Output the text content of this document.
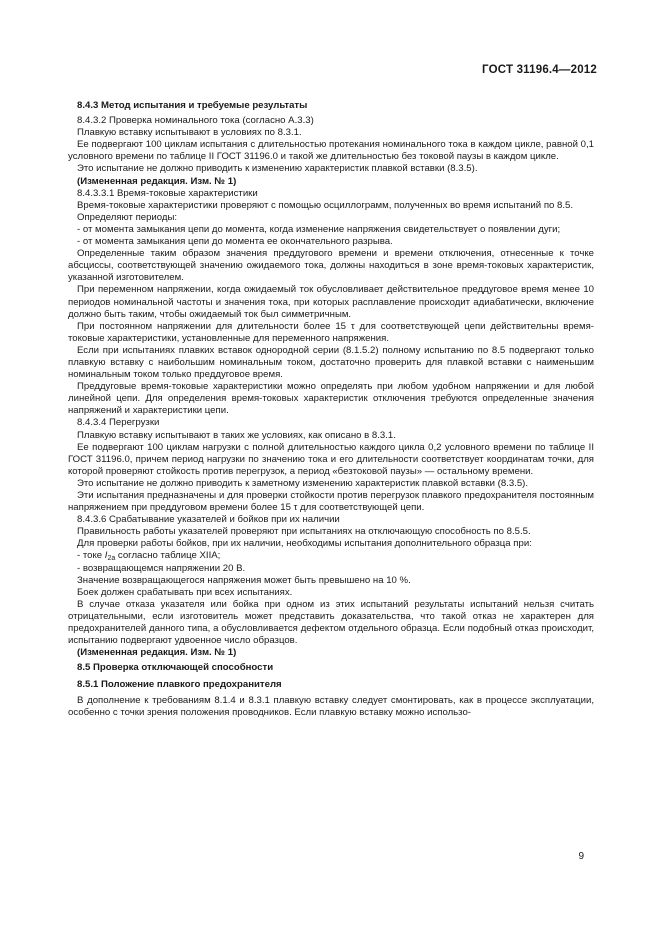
ГОСТ 31196.4—2012

8.4.3 Метод испытания и требуемые результаты

8.4.3.2 Проверка номинального тока (согласно А.3.3)

Плавкую вставку испытывают в условиях по 8.3.1.

Ее подвергают 100 циклам испытания с длительностью протекания номинального тока в каждом цикле, равной 0,1 условного времени по таблице II ГОСТ 31196.0 и такой же длительностью без токовой паузы в каждом цикле.

Это испытание не должно приводить к изменению характеристик плавкой вставки (8.3.5).

(Измененная редакция. Изм. № 1)

8.4.3.3.1 Время-токовые характеристики

Время-токовые характеристики проверяют с помощью осциллограмм, полученных во время испытаний по 8.5.

Определяют периоды:

- от момента замыкания цепи до момента, когда изменение напряжения свидетельствует о появлении дуги;

- от момента замыкания цепи до момента ее окончательного разрыва.

Определенные таким образом значения преддугового времени и времени отключения, отнесенные к точке абсциссы, соответствующей значению ожидаемого тока, должны находиться в зоне время-токовых характеристик, указанной изготовителем.

При переменном напряжении, когда ожидаемый ток обусловливает действительное преддуговое время менее 10 периодов номинальной частоты и значения тока, при которых расплавление происходит адиабатически, включение должно быть таким, чтобы ожидаемый ток был симметричным.

При постоянном напряжении для длительности более 15 τ для соответствующей цепи действительны время-токовые характеристики, установленные для переменного напряжения.

Если при испытаниях плавких вставок однородной серии (8.1.5.2) полному испытанию по 8.5 подвергают только плавкую вставку с наибольшим номинальным током, достаточно проверить для плавкой вставки с наименьшим номинальным током только преддуговое время.

Преддуговые время-токовые характеристики можно определять при любом удобном напряжении и для любой линейной цепи. Для определения время-токовых характеристик отключения требуются определенные значения напряжений и характеристики цепи.

8.4.3.4 Перегрузки

Плавкую вставку испытывают в таких же условиях, как описано в 8.3.1.

Ее подвергают 100 циклам нагрузки с полной длительностью каждого цикла 0,2 условного времени по таблице II ГОСТ 31196.0, причем период нагрузки по значению тока и его длительности соответствует координатам точки, для которой проверяют стойкость против перегрузок, а период «безтоковой паузы» — остальному времени.

Это испытание не должно приводить к заметному изменению характеристик плавкой вставки (8.3.5).

Эти испытания предназначены и для проверки стойкости против перегрузок плавкого предохранителя постоянным напряжением при преддуговом времени более 15 τ для соответствующей цепи.

8.4.3.6 Срабатывание указателей и бойков при их наличии

Правильность работы указателей проверяют при испытаниях на отключающую способность по 8.5.5.

Для проверки работы бойков, при их наличии, необходимы испытания дополнительного образца при:

- токе $I_{2a}$ согласно таблице XIIA;

- возвращающемся напряжении 20 В.

Значение возвращающегося напряжения может быть превышено на 10 %.

Боек должен срабатывать при всех испытаниях.

В случае отказа указателя или бойка при одном из этих испытаний результаты испытаний нельзя считать отрицательными, если изготовитель может представить доказательства, что такой отказ не характерен для предохранителей данного типа, а обусловливается дефектом отдельного образца. Если подобный отказ происходит, испытанию подвергают удвоенное число образцов.

(Измененная редакция. Изм. № 1)

8.5 Проверка отключающей способности

8.5.1 Положение плавкого предохранителя

В дополнение к требованиям 8.1.4 и 8.3.1 плавкую вставку следует смонтировать, как в процессе эксплуатации, особенно с точки зрения положения проводников. Если плавкую вставку можно использо-

9
